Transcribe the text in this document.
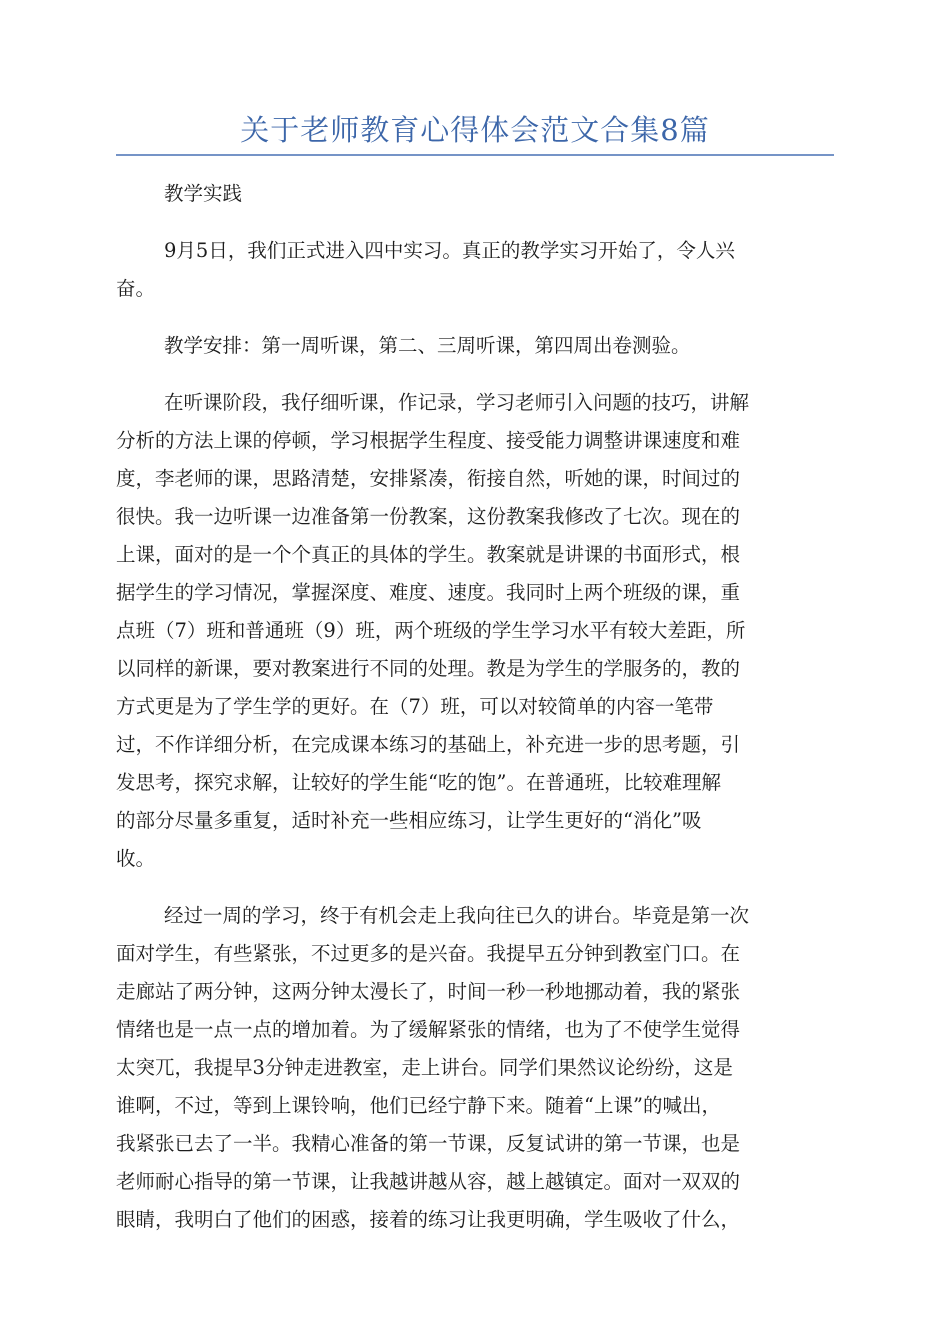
关于老师教育心得体会范文合集8篇

教学实践

9月5日，我们正式进入四中实习。真正的教学实习开始了，令人兴
奋。

教学安排：第一周听课，第二、三周听课，第四周出卷测验。

在听课阶段，我仔细听课，作记录，学习老师引入问题的技巧，讲解
分析的方法上课的停顿，学习根据学生程度、接受能力调整讲课速度和难
度，李老师的课，思路清楚，安排紧凑，衔接自然，听她的课，时间过的
很快。我一边听课一边准备第一份教案，这份教案我修改了七次。现在的
上课，面对的是一个个真正的具体的学生。教案就是讲课的书面形式，根
据学生的学习情况，掌握深度、难度、速度。我同时上两个班级的课，重
点班（7）班和普通班（9）班，两个班级的学生学习水平有较大差距，所
以同样的新课，要对教案进行不同的处理。教是为学生的学服务的，教的
方式更是为了学生学的更好。在（7）班，可以对较简单的内容一笔带
过，不作详细分析，在完成课本练习的基础上，补充进一步的思考题，引
发思考，探究求解，让较好的学生能“吃的饱”。在普通班，比较难理解
的部分尽量多重复，适时补充一些相应练习，让学生更好的“消化”吸
收。

经过一周的学习，终于有机会走上我向往已久的讲台。毕竟是第一次
面对学生，有些紧张，不过更多的是兴奋。我提早五分钟到教室门口。在
走廊站了两分钟，这两分钟太漫长了，时间一秒一秒地挪动着，我的紧张
情绪也是一点一点的增加着。为了缓解紧张的情绪，也为了不使学生觉得
太突兀，我提早3分钟走进教室，走上讲台。同学们果然议论纷纷，这是
谁啊，不过，等到上课铃响，他们已经宁静下来。随着“上课”的喊出，
我紧张已去了一半。我精心准备的第一节课，反复试讲的第一节课，也是
老师耐心指导的第一节课，让我越讲越从容，越上越镇定。面对一双双的
眼睛，我明白了他们的困惑，接着的练习让我更明确，学生吸收了什么，
